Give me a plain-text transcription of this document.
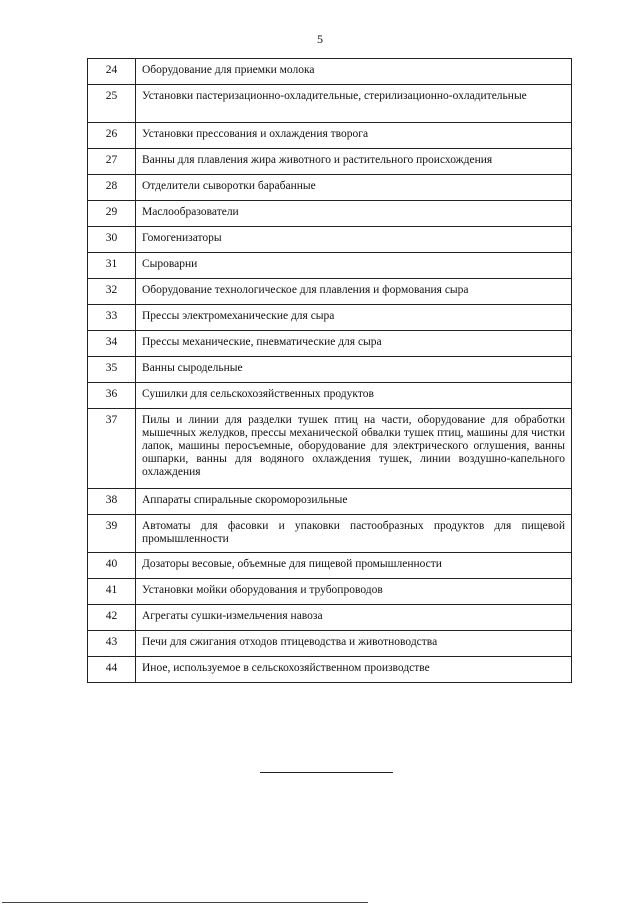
5
24	Оборудование для приемки молока
25	Установки пастеризационно-охладительные, стерилизационно-охладительные
26	Установки прессования и охлаждения творога
27	Ванны для плавления жира животного и растительного происхождения
28	Отделители сыворотки барабанные
29	Маслообразователи
30	Гомогенизаторы
31	Сыроварни
32	Оборудование технологическое для плавления и формования сыра
33	Прессы электромеханические для сыра
34	Прессы механические, пневматические для сыра
35	Ванны сыродельные
36	Сушилки для сельскохозяйственных продуктов
37	Пилы и линии для разделки тушек птиц на части, оборудование для обработки мышечных желудков, прессы механической обвалки тушек птиц, машины для чистки лапок, машины перосъемные, оборудование для электрического оглушения, ванны ошпарки, ванны для водяного охлаждения тушек, линии воздушно-капельного охлаждения
38	Аппараты спиральные скороморозильные
39	Автоматы для фасовки и упаковки пастообразных продуктов для пищевой промышленности
40	Дозаторы весовые, объемные для пищевой промышленности
41	Установки мойки оборудования и трубопроводов
42	Агрегаты сушки-измельчения навоза
43	Печи для сжигания отходов птицеводства и животноводства
44	Иное, используемое в сельскохозяйственном производстве
